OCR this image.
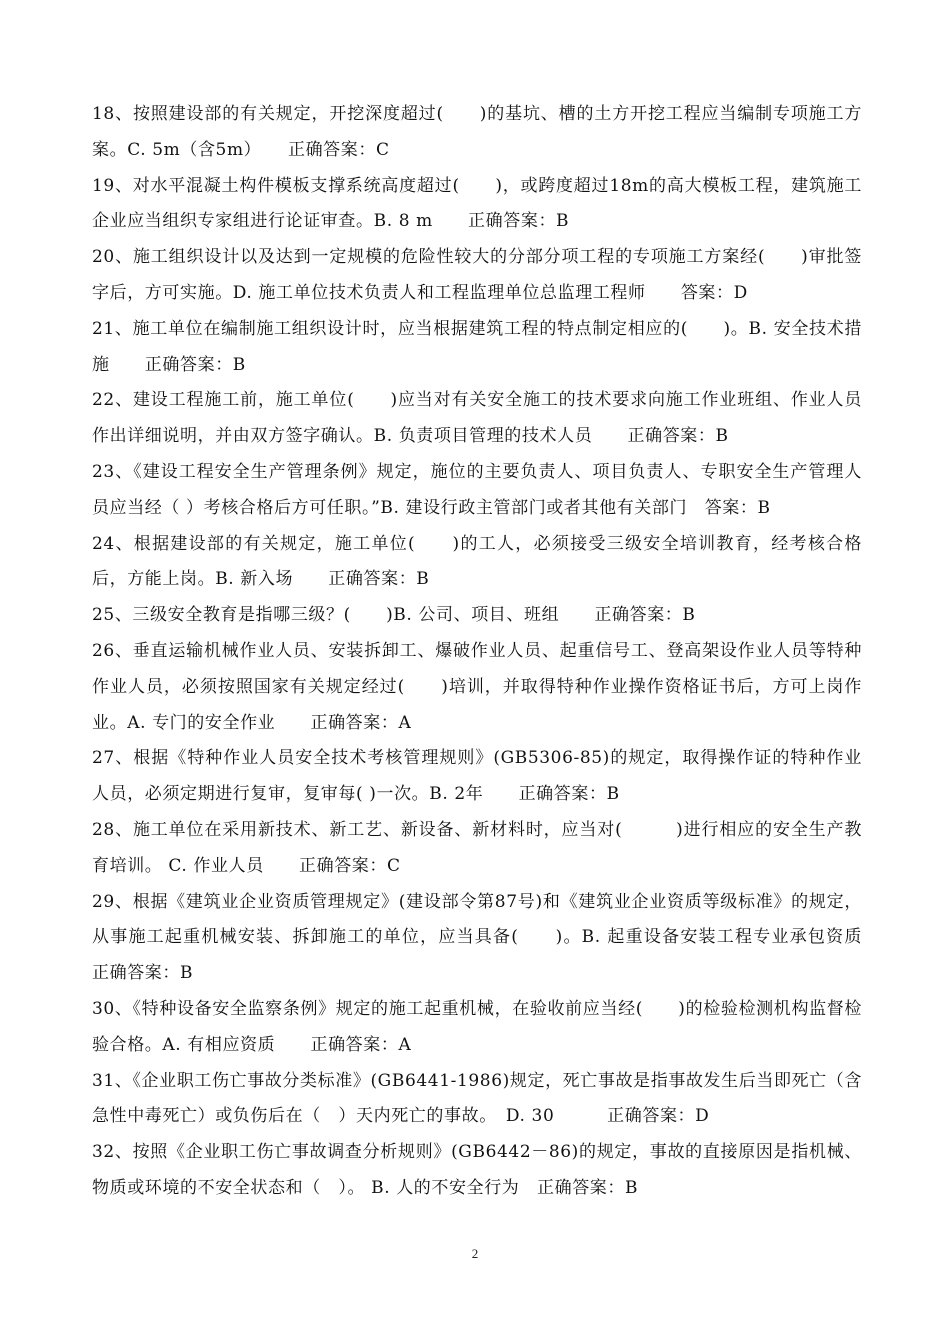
18、按照建设部的有关规定，开挖深度超过(　　)的基坑、槽的土方开挖工程应当编制专项施工方案。C. 5m（含5m）　　正确答案：C

19、对水平混凝土构件模板支撑系统高度超过(　　)，或跨度超过18m的高大模板工程，建筑施工企业应当组织专家组进行论证审查。B. 8 m　　正确答案：B

20、施工组织设计以及达到一定规模的危险性较大的分部分项工程的专项施工方案经(　　)审批签字后，方可实施。D. 施工单位技术负责人和工程监理单位总监理工程师　　答案：D

21、施工单位在编制施工组织设计时，应当根据建筑工程的特点制定相应的(　　)。B. 安全技术措施　　正确答案：B

22、建设工程施工前，施工单位(　　)应当对有关安全施工的技术要求向施工作业班组、作业人员作出详细说明，并由双方签字确认。B. 负责项目管理的技术人员　　正确答案：B

23、《建设工程安全生产管理条例》规定，施位的主要负责人、项目负责人、专职安全生产管理人员应当经（ ）考核合格后方可任职。”B. 建设行政主管部门或者其他有关部门　答案：B

24、根据建设部的有关规定，施工单位(　　)的工人，必须接受三级安全培训教育，经考核合格后，方能上岗。B. 新入场　　正确答案：B

25、三级安全教育是指哪三级？(　　)B. 公司、项目、班组　　正确答案：B

26、垂直运输机械作业人员、安装拆卸工、爆破作业人员、起重信号工、登高架设作业人员等特种作业人员，必须按照国家有关规定经过(　　)培训，并取得特种作业操作资格证书后，方可上岗作业。A. 专门的安全作业　　正确答案：A

27、根据《特种作业人员安全技术考核管理规则》(GB5306-85)的规定，取得操作证的特种作业人员，必须定期进行复审，复审每( )一次。B. 2年　　正确答案：B

28、施工单位在采用新技术、新工艺、新设备、新材料时，应当对(　　　)进行相应的安全生产教育培训。 C. 作业人员　　正确答案：C

29、根据《建筑业企业资质管理规定》(建设部令第87号)和《建筑业企业资质等级标准》的规定，从事施工起重机械安装、拆卸施工的单位，应当具备(　　)。B. 起重设备安装工程专业承包资质　　正确答案：B

30、《特种设备安全监察条例》规定的施工起重机械，在验收前应当经(　　)的检验检测机构监督检验合格。A. 有相应资质　　正确答案：A

31、《企业职工伤亡事故分类标准》(GB6441-1986)规定，死亡事故是指事故发生后当即死亡（含急性中毒死亡）或负伤后在（　）天内死亡的事故。　D. 30　　　正确答案：D

32、按照《企业职工伤亡事故调查分析规则》(GB6442－86)的规定，事故的直接原因是指机械、物质或环境的不安全状态和（　）。 B. 人的不安全行为　正确答案：B

2
